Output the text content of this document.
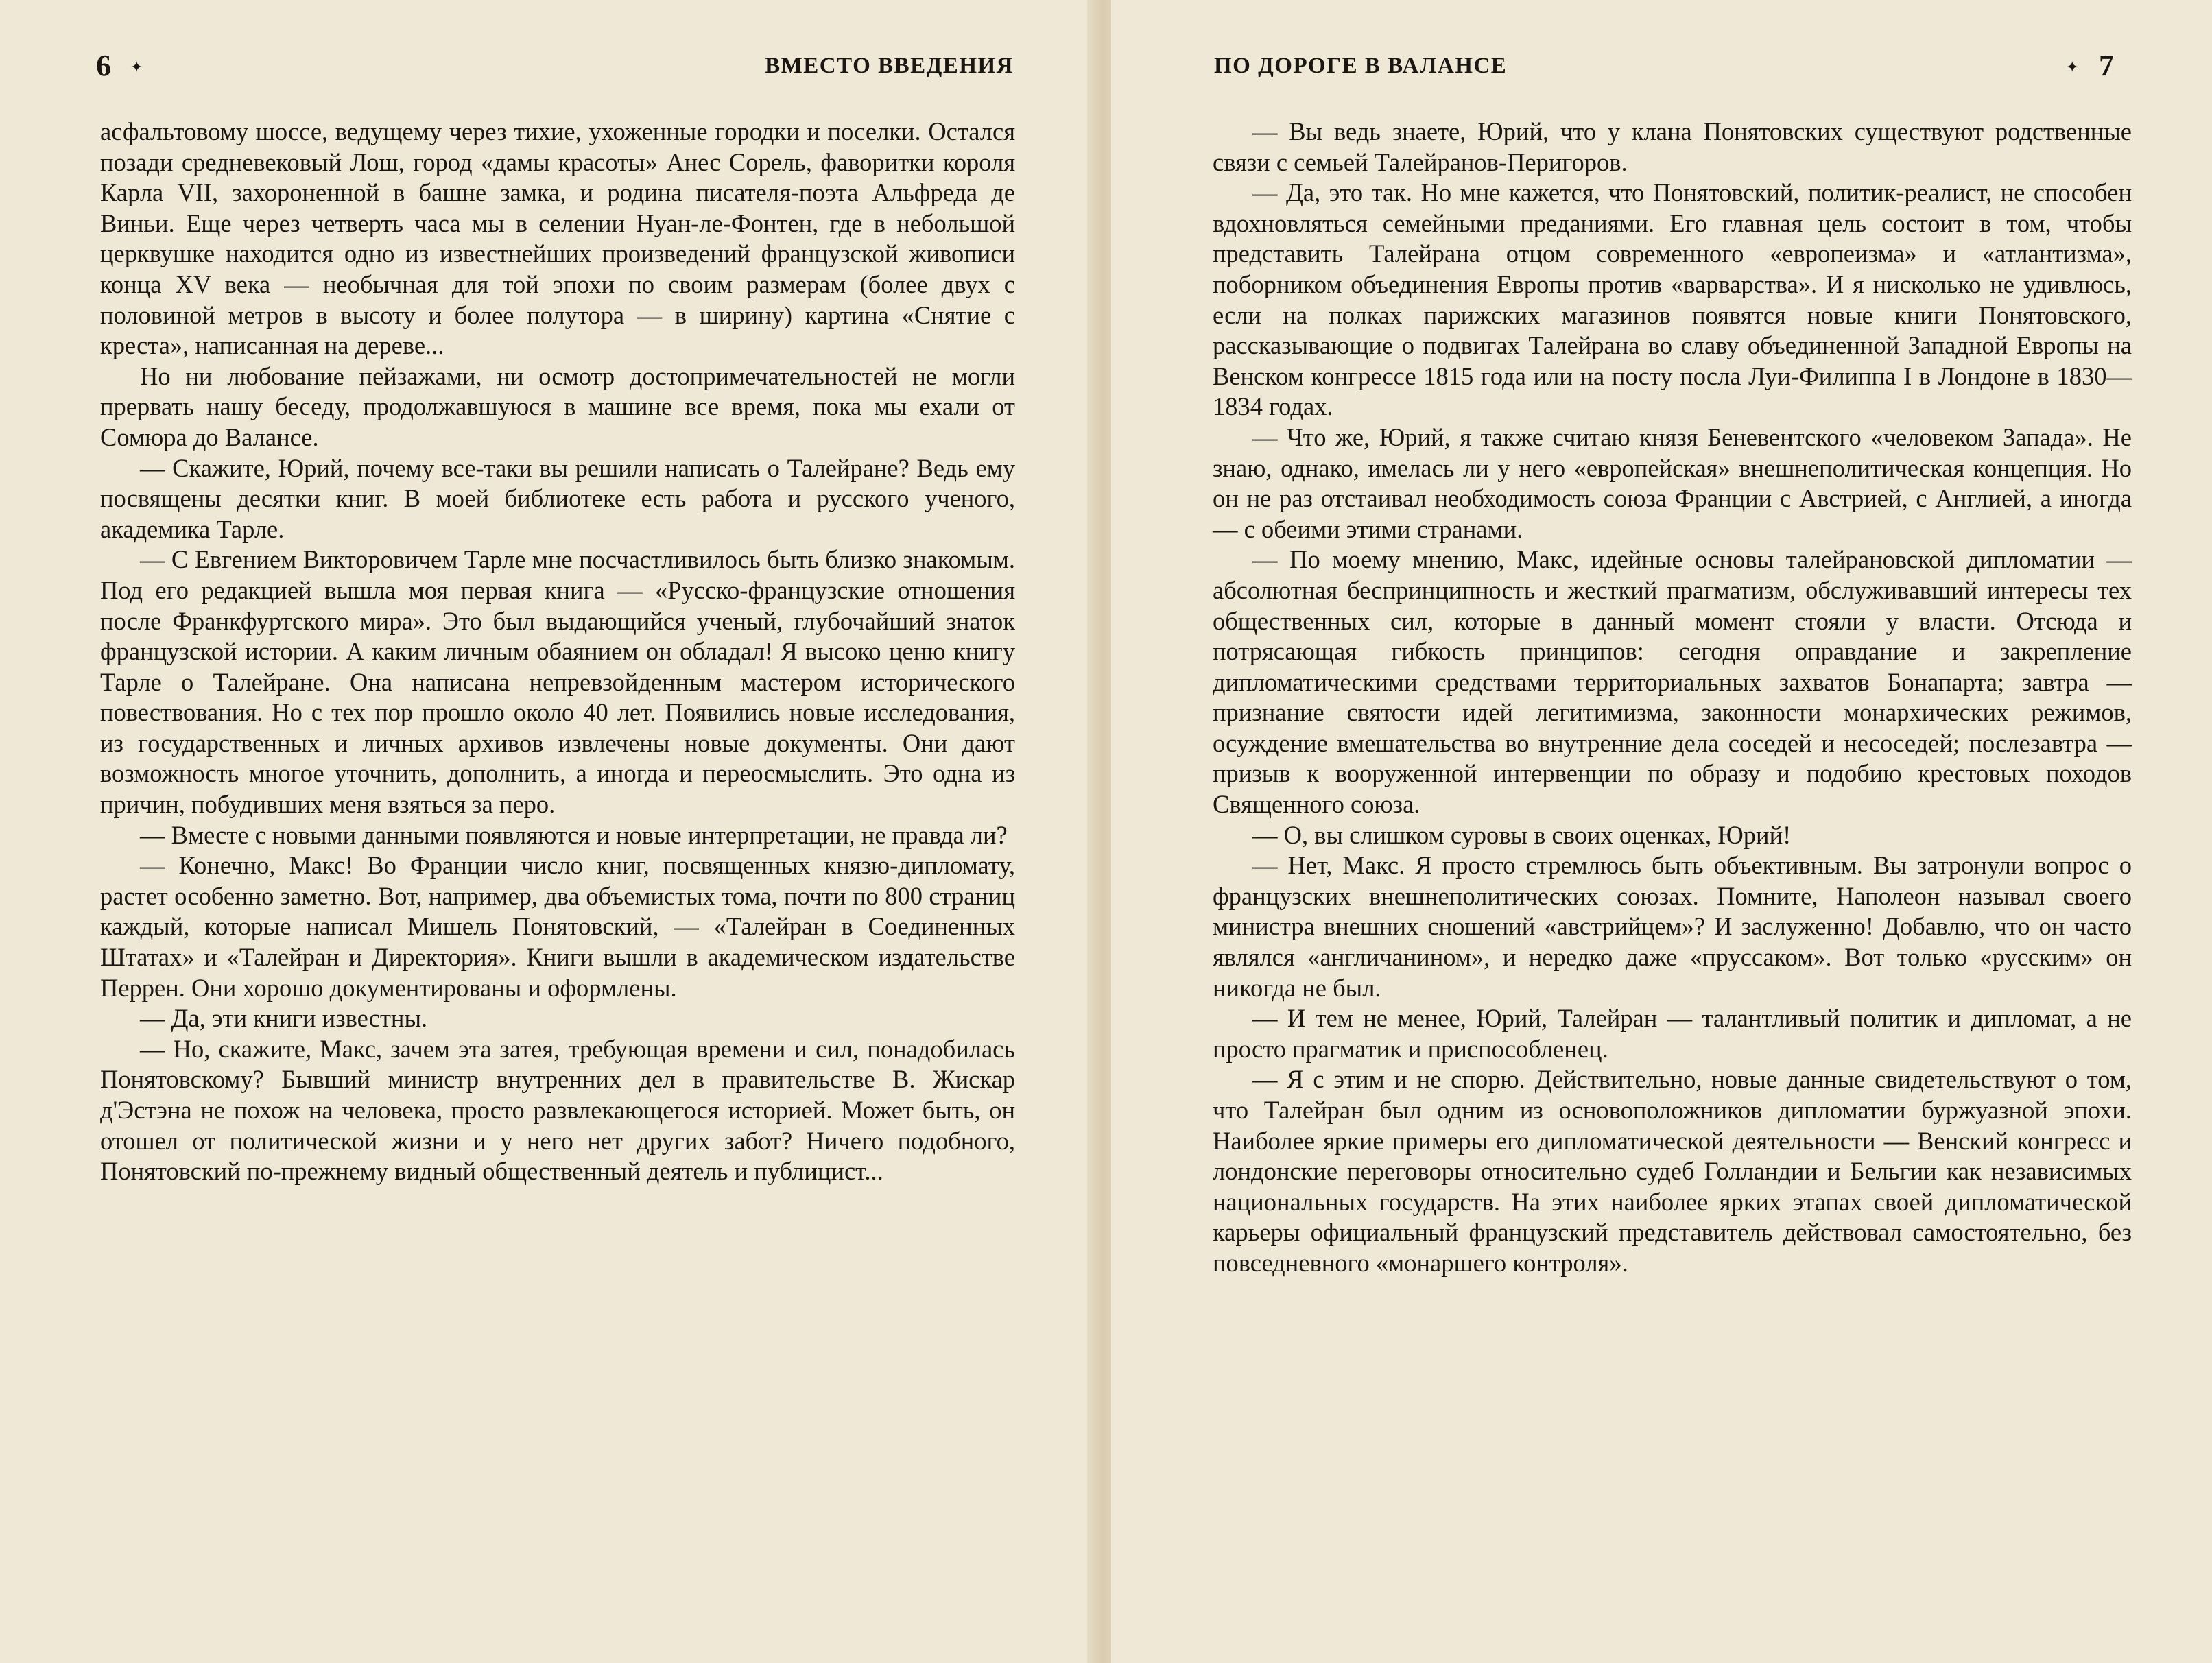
6 ✦	ВМЕСТО ВВЕДЕНИЯ

асфальтовому шоссе, ведущему через тихие, ухоженные городки и поселки. Остался позади средневековый Лош, город «дамы красоты» Анес Сорель, фаворитки короля Карла VII, захороненной в башне замка, и родина писателя-поэта Альфреда де Виньи. Еще через четверть часа мы в селении Нуан-ле-Фонтен, где в небольшой церквушке находится одно из известнейших произведений французской живописи конца XV века — необычная для той эпохи по своим размерам (более двух с половиной метров в высоту и более полутора — в ширину) картина «Снятие с креста», написанная на дереве...

Но ни любование пейзажами, ни осмотр достопримечательностей не могли прервать нашу беседу, продолжавшуюся в машине все время, пока мы ехали от Сомюра до Валансе.

— Скажите, Юрий, почему все-таки вы решили написать о Талейране? Ведь ему посвящены десятки книг. В моей библиотеке есть работа и русского ученого, академика Тарле.

— С Евгением Викторовичем Тарле мне посчастливилось быть близко знакомым. Под его редакцией вышла моя первая книга — «Русско-французские отношения после Франкфуртского мира». Это был выдающийся ученый, глубочайший знаток французской истории. А каким личным обаянием он обладал! Я высоко ценю книгу Тарле о Талейране. Она написана непревзойденным мастером исторического повествования. Но с тех пор прошло около 40 лет. Появились новые исследования, из государственных и личных архивов извлечены новые документы. Они дают возможность многое уточнить, дополнить, а иногда и переосмыслить. Это одна из причин, побудивших меня взяться за перо.

— Вместе с новыми данными появляются и новые интерпретации, не правда ли?

— Конечно, Макс! Во Франции число книг, посвященных князю-дипломату, растет особенно заметно. Вот, например, два объемистых тома, почти по 800 страниц каждый, которые написал Мишель Понятовский, — «Талейран в Соединенных Штатах» и «Талейран и Директория». Книги вышли в академическом издательстве Перрен. Они хорошо документированы и оформлены.

— Да, эти книги известны.

— Но, скажите, Макс, зачем эта затея, требующая времени и сил, понадобилась Понятовскому? Бывший министр внутренних дел в правительстве В. Жискар д'Эстэна не похож на человека, просто развлекающегося историей. Может быть, он отошел от политической жизни и у него нет других забот? Ничего подобного, Понятовский по-прежнему видный общественный деятель и публицист...

ПО ДОРОГЕ В ВАЛАНСЕ	✦ 7

— Вы ведь знаете, Юрий, что у клана Понятовских существуют родственные связи с семьей Талейранов-Перигоров.

— Да, это так. Но мне кажется, что Понятовский, политик-реалист, не способен вдохновляться семейными преданиями. Его главная цель состоит в том, чтобы представить Талейрана отцом современного «европеизма» и «атлантизма», поборником объединения Европы против «варварства». И я нисколько не удивлюсь, если на полках парижских магазинов появятся новые книги Понятовского, рассказывающие о подвигах Талейрана во славу объединенной Западной Европы на Венском конгрессе 1815 года или на посту посла Луи-Филиппа I в Лондоне в 1830—1834 годах.

— Что же, Юрий, я также считаю князя Беневентского «человеком Запада». Не знаю, однако, имелась ли у него «европейская» внешнеполитическая концепция. Но он не раз отстаивал необходимость союза Франции с Австрией, с Англией, а иногда — с обеими этими странами.

— По моему мнению, Макс, идейные основы талейрановской дипломатии — абсолютная беспринципность и жесткий прагматизм, обслуживавший интересы тех общественных сил, которые в данный момент стояли у власти. Отсюда и потрясающая гибкость принципов: сегодня оправдание и закрепление дипломатическими средствами территориальных захватов Бонапарта; завтра — признание святости идей легитимизма, законности монархических режимов, осуждение вмешательства во внутренние дела соседей и несоседей; послезавтра — призыв к вооруженной интервенции по образу и подобию крестовых походов Священного союза.

— О, вы слишком суровы в своих оценках, Юрий!

— Нет, Макс. Я просто стремлюсь быть объективным. Вы затронули вопрос о французских внешнеполитических союзах. Помните, Наполеон называл своего министра внешних сношений «австрийцем»? И заслуженно! Добавлю, что он часто являлся «англичанином», и нередко даже «пруссаком». Вот только «русским» он никогда не был.

— И тем не менее, Юрий, Талейран — талантливый политик и дипломат, а не просто прагматик и приспособленец.

— Я с этим и не спорю. Действительно, новые данные свидетельствуют о том, что Талейран был одним из основоположников дипломатии буржуазной эпохи. Наиболее яркие примеры его дипломатической деятельности — Венский конгресс и лондонские переговоры относительно судеб Голландии и Бельгии как независимых национальных государств. На этих наиболее ярких этапах своей дипломатической карьеры официальный французский представитель действовал самостоятельно, без повседневного «монаршего контроля».
